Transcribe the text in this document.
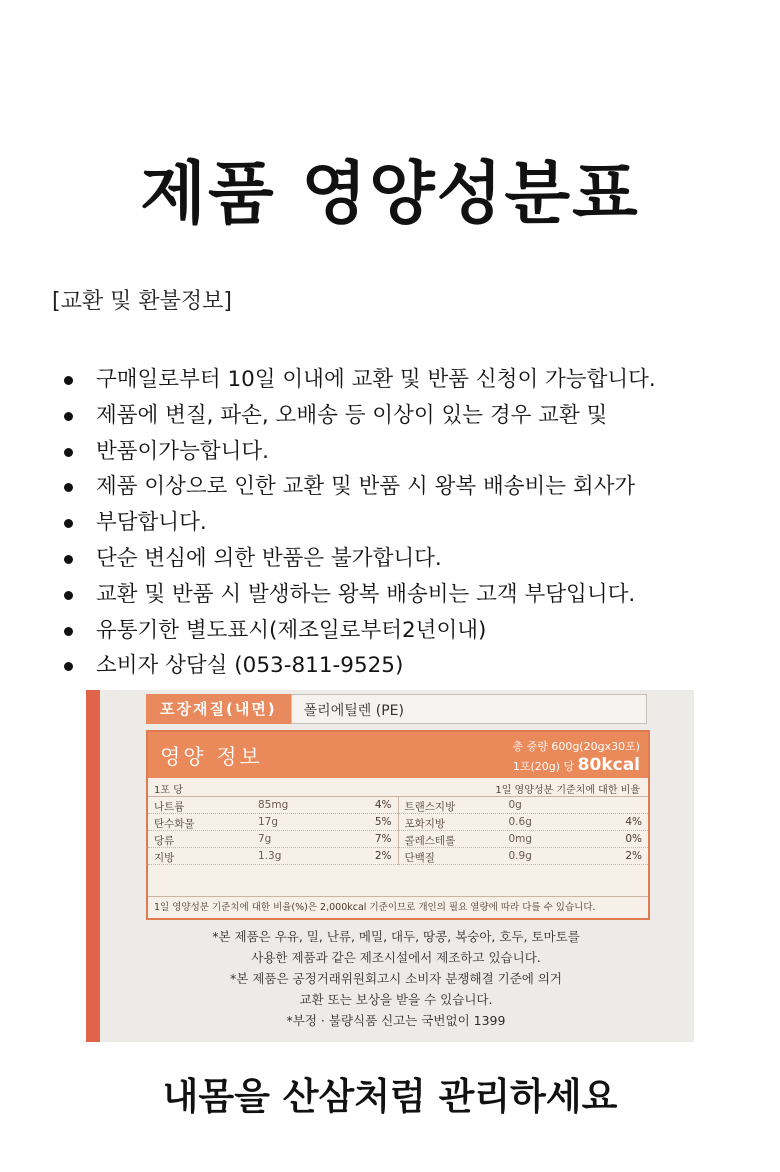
제품 영양성분표
[교환 및 환불정보]
구매일로부터 10일 이내에 교환 및 반품 신청이 가능합니다.
제품에 변질, 파손, 오배송 등 이상이 있는 경우 교환 및
반품이가능합니다.
제품 이상으로 인한 교환 및 반품 시 왕복 배송비는 회사가
부담합니다.
단순 변심에 의한 반품은 불가합니다.
교환 및 반품 시 발생하는 왕복 배송비는 고객 부담입니다.
유통기한 별도표시(제조일로부터2년이내)
소비자 상담실 (053-811-9525)
포장재질(내면)	폴리에틸렌 (PE)
영양 정보	총 중량 600g(20gx30포)
1포(20g) 당 80kcal
1포 당	1일 영양성분 기준치에 대한 비율
나트륨	85mg	4%
탄수화물	17g	5%
당류	7g	7%
지방	1.3g	2%
트랜스지방	0g
포화지방	0.6g	4%
콜레스테롤	0mg	0%
단백질	0.9g	2%
1일 영양성분 기준치에 대한 비율(%)은 2,000kcal 기준이므로 개인의 필요 열량에 따라 다를 수 있습니다.
*본 제품은 우유, 밀, 난류, 메밀, 대두, 땅콩, 복숭아, 호두, 토마토를
사용한 제품과 같은 제조시설에서 제조하고 있습니다.
*본 제품은 공정거래위원회고시 소비자 분쟁해결 기준에 의거
교환 또는 보상을 받을 수 있습니다.
*부정 · 불량식품 신고는 국번없이 1399
내몸을 산삼처럼 관리하세요
